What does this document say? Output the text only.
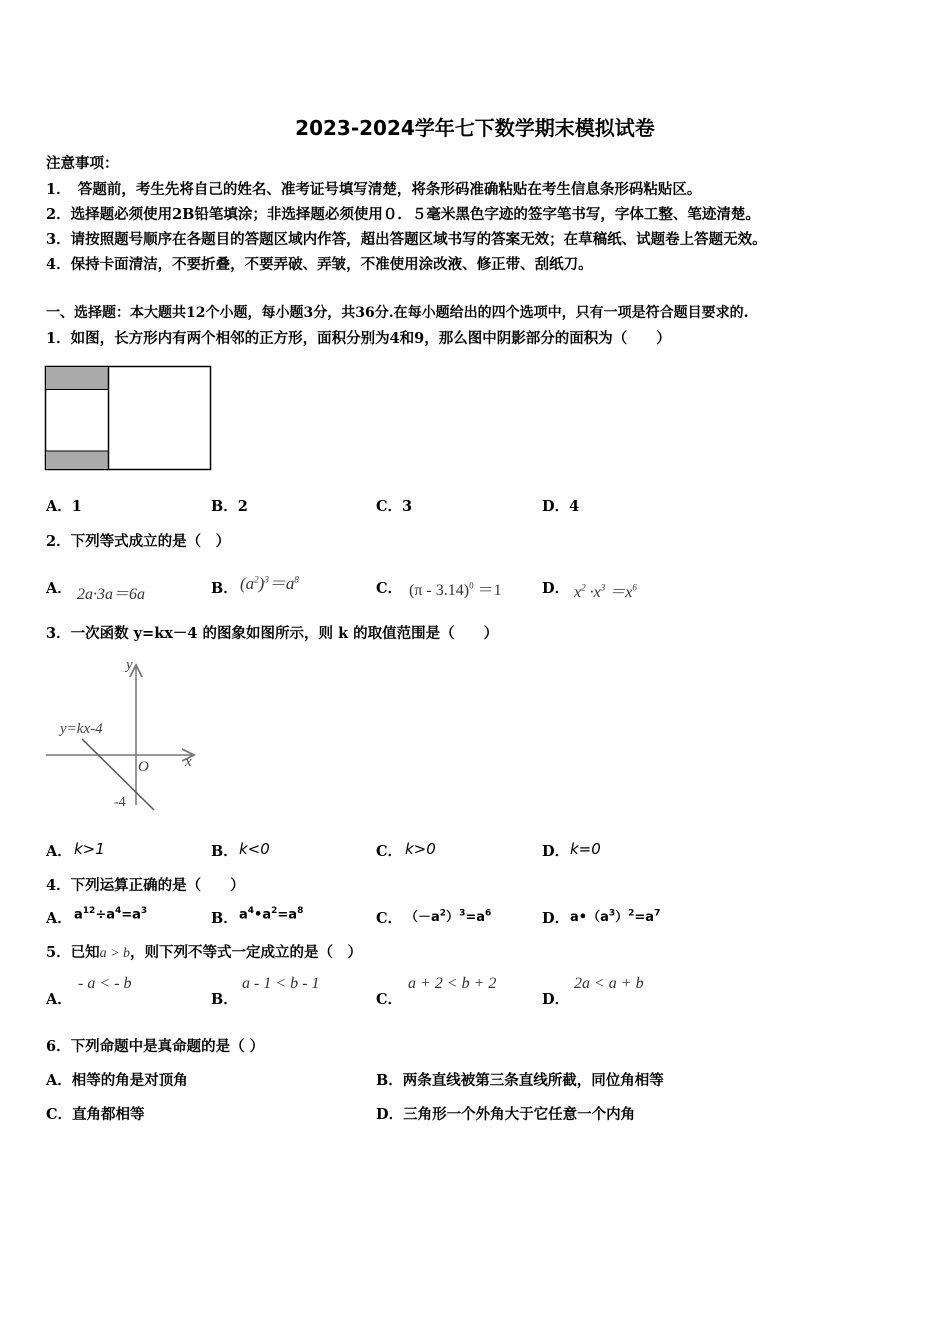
2023-2024学年七下数学期末模拟试卷
注意事项：
1．　答题前，考生先将自己的姓名、准考证号填写清楚，将条形码准确粘贴在考生信息条形码粘贴区。
2．选择题必须使用2B铅笔填涂；非选择题必须使用０．５毫米黑色字迹的签字笔书写，字体工整、笔迹清楚。
3．请按照题号顺序在各题目的答题区域内作答，超出答题区域书写的答案无效；在草稿纸、试题卷上答题无效。
4．保持卡面清洁，不要折叠，不要弄破、弄皱，不准使用涂改液、修正带、刮纸刀。
一、选择题：本大题共12个小题，每小题3分，共36分.在每小题给出的四个选项中，只有一项是符合题目要求的.
1．如图，长方形内有两个相邻的正方形，面积分别为4和9，那么图中阴影部分的面积为（　　）
A．1	B．2	C．3	D．4
2．下列等式成立的是（　）
A． 2a·3a＝6a	B． $(a^2)^3=a^8$
C． (π - 3.14)$^0$ ＝1	D． $x^2 \cdot x^3 =x^6$
3．一次函数 y=kx－4 的图象如图所示，则 k 的取值范围是（　　）
y=kx-4
x
y
O
-4
A． k>1	B． k<0	C． k>0	D． k=0
4．下列运算正确的是（　　）
A． $a^{12}\div a^4=a^3$	B． $a^4•a^2=a^8$	C． $(-a^2)^3=a^6$	D． $a•(a^3)^2=a^7$
5．已知a > b，则下列不等式一定成立的是（　）
A．
- a < - b
B．
a - 1 < b - 1
C．
a + 2 < b + 2
D．
2a < a + b
6．下列命题中是真命题的是（ ）
A．相等的角是对顶角	B．两条直线被第三条直线所截，同位角相等
C．直角都相等	D．三角形一个外角大于它任意一个内角
